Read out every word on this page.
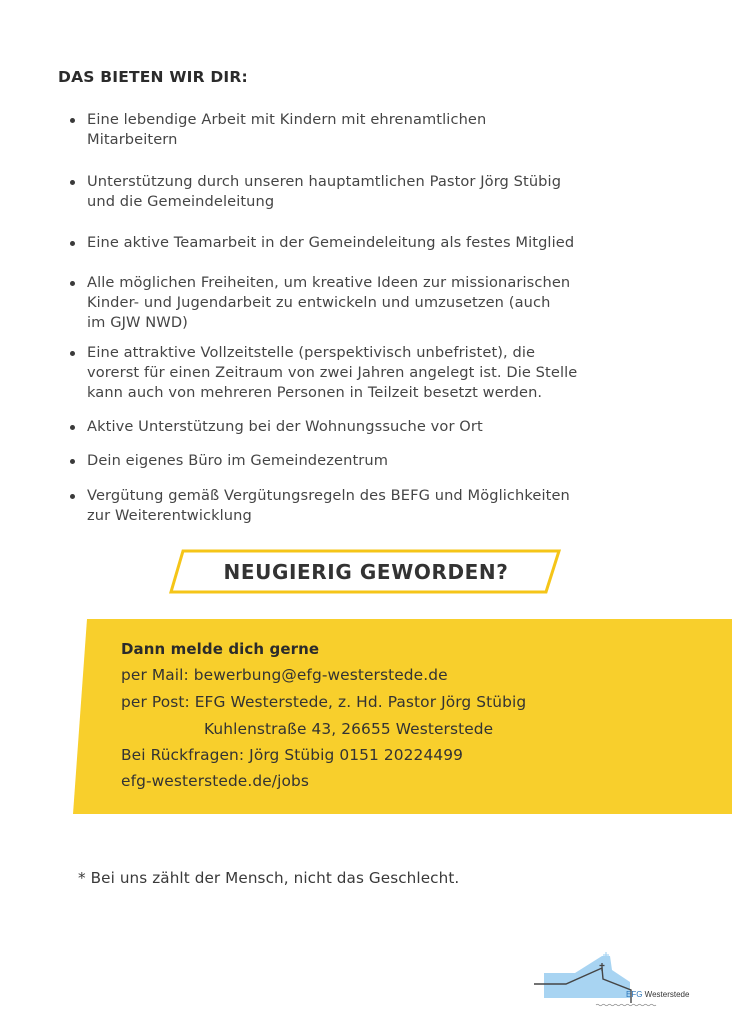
DAS BIETEN WIR DIR:
Eine lebendige Arbeit mit Kindern mit ehrenamtlichen
Mitarbeitern
Unterstützung durch unseren hauptamtlichen Pastor Jörg Stübig
und die Gemeindeleitung
Eine aktive Teamarbeit in der Gemeindeleitung als festes Mitglied
Alle möglichen Freiheiten, um kreative Ideen zur missionarischen
Kinder- und Jugendarbeit zu entwickeln und umzusetzen (auch
im GJW NWD)
Eine attraktive Vollzeitstelle (perspektivisch unbefristet), die
vorerst für einen Zeitraum von zwei Jahren angelegt ist. Die Stelle
kann auch von mehreren Personen in Teilzeit besetzt werden.
Aktive Unterstützung bei der Wohnungssuche vor Ort
Dein eigenes Büro im Gemeindezentrum
Vergütung gemäß Vergütungsregeln des BEFG und Möglichkeiten
zur Weiterentwicklung
NEUGIERIG GEWORDEN?
Dann melde dich gerne
per Mail: bewerbung@efg-westerstede.de
per Post: EFG Westerstede, z. Hd. Pastor Jörg Stübig
Kuhlenstraße 43, 26655 Westerstede
Bei Rückfragen: Jörg Stübig 0151 20224499
efg-westerstede.de/jobs
* Bei uns zählt der Mensch, nicht das Geschlecht.
EFG Westerstede
